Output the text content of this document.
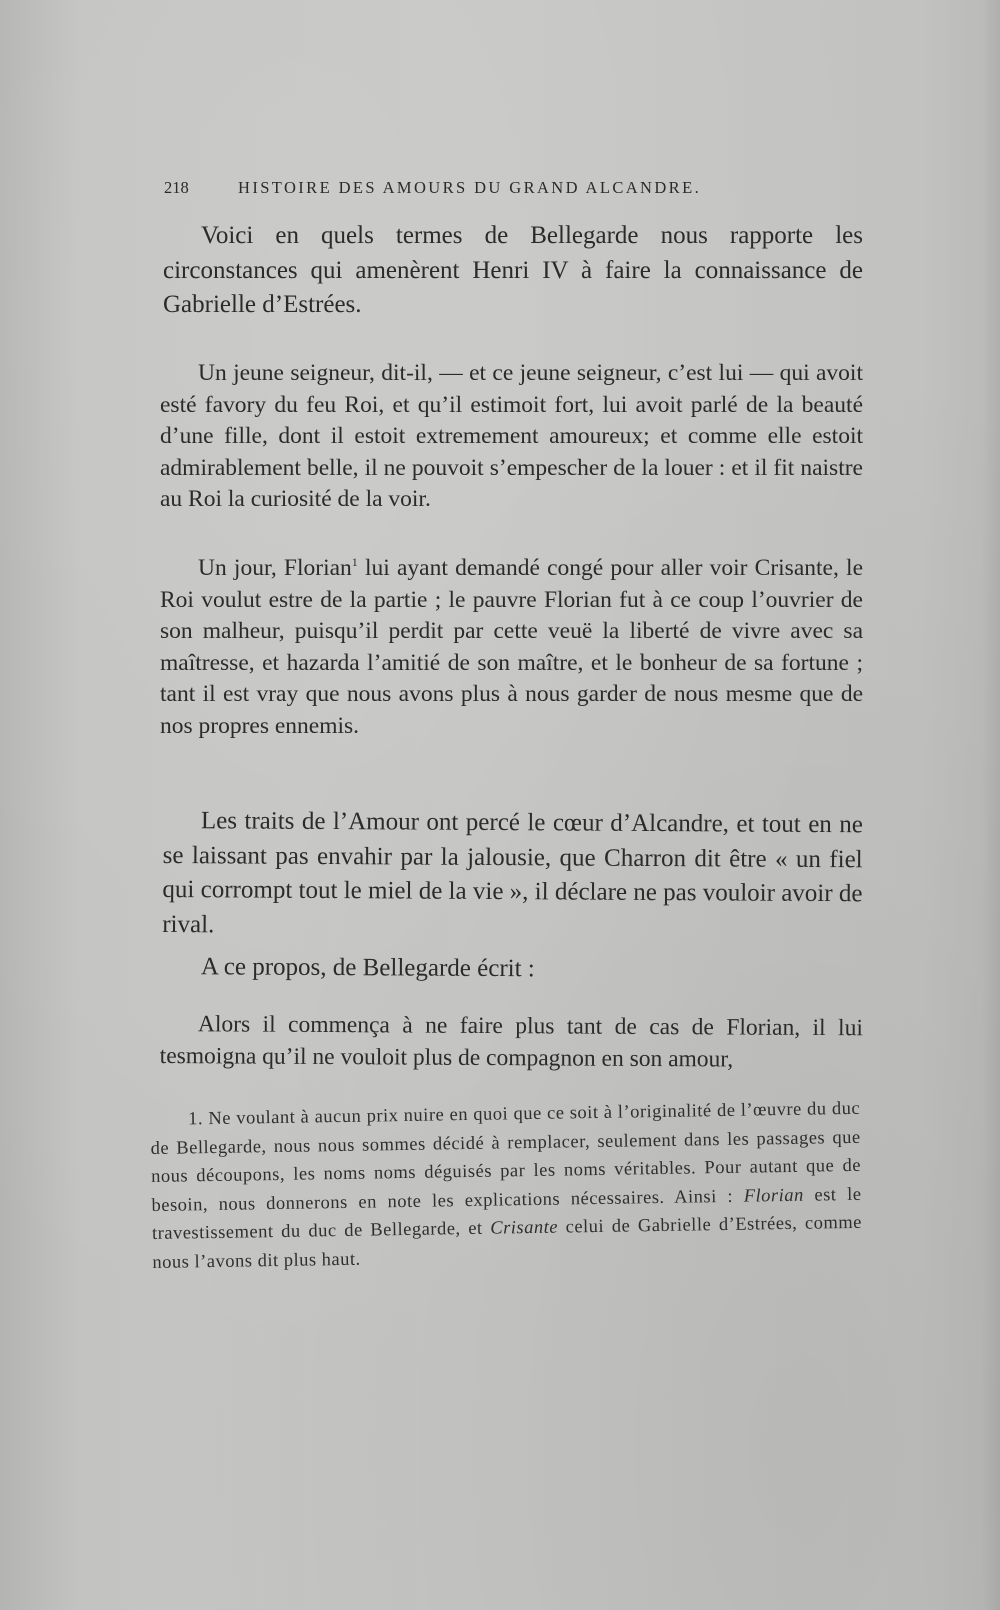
218	HISTOIRE DES AMOURS DU GRAND ALCANDRE.

Voici en quels termes de Bellegarde nous rapporte les circonstances qui amenèrent Henri IV à faire la connaissance de Gabrielle d’Estrées.

Un jeune seigneur, dit-il, — et ce jeune seigneur, c’est lui — qui avoit esté favory du feu Roi, et qu’il estimoit fort, lui avoit parlé de la beauté d’une fille, dont il estoit extremement amoureux; et comme elle estoit admirablement belle, il ne pouvoit s’empescher de la louer : et il fit naistre au Roi la curiosité de la voir.

Un jour, Florian$^1$ lui ayant demandé congé pour aller voir Crisante, le Roi voulut estre de la partie ; le pauvre Florian fut à ce coup l’ouvrier de son malheur, puisqu’il perdit par cette veuë la liberté de vivre avec sa maîtresse, et hazarda l’amitié de son maître, et le bonheur de sa fortune ; tant il est vray que nous avons plus à nous garder de nous mesme que de nos propres ennemis.

Les traits de l’Amour ont percé le cœur d’Alcandre, et tout en ne se laissant pas envahir par la jalousie, que Charron dit être « un fiel qui corrompt tout le miel de la vie », il déclare ne pas vouloir avoir de rival.

A ce propos, de Bellegarde écrit :

Alors il commença à ne faire plus tant de cas de Florian, il lui tesmoigna qu’il ne vouloit plus de compagnon en son amour,

1. Ne voulant à aucun prix nuire en quoi que ce soit à l’originalité de l’œuvre du duc de Bellegarde, nous nous sommes décidé à remplacer, seulement dans les passages que nous découpons, les noms noms déguisés par les noms véritables. Pour autant que de besoin, nous donnerons en note les explications nécessaires. Ainsi : Florian est le travestissement du duc de Bellegarde, et Crisante celui de Gabrielle d’Estrées, comme nous l’avons dit plus haut.
